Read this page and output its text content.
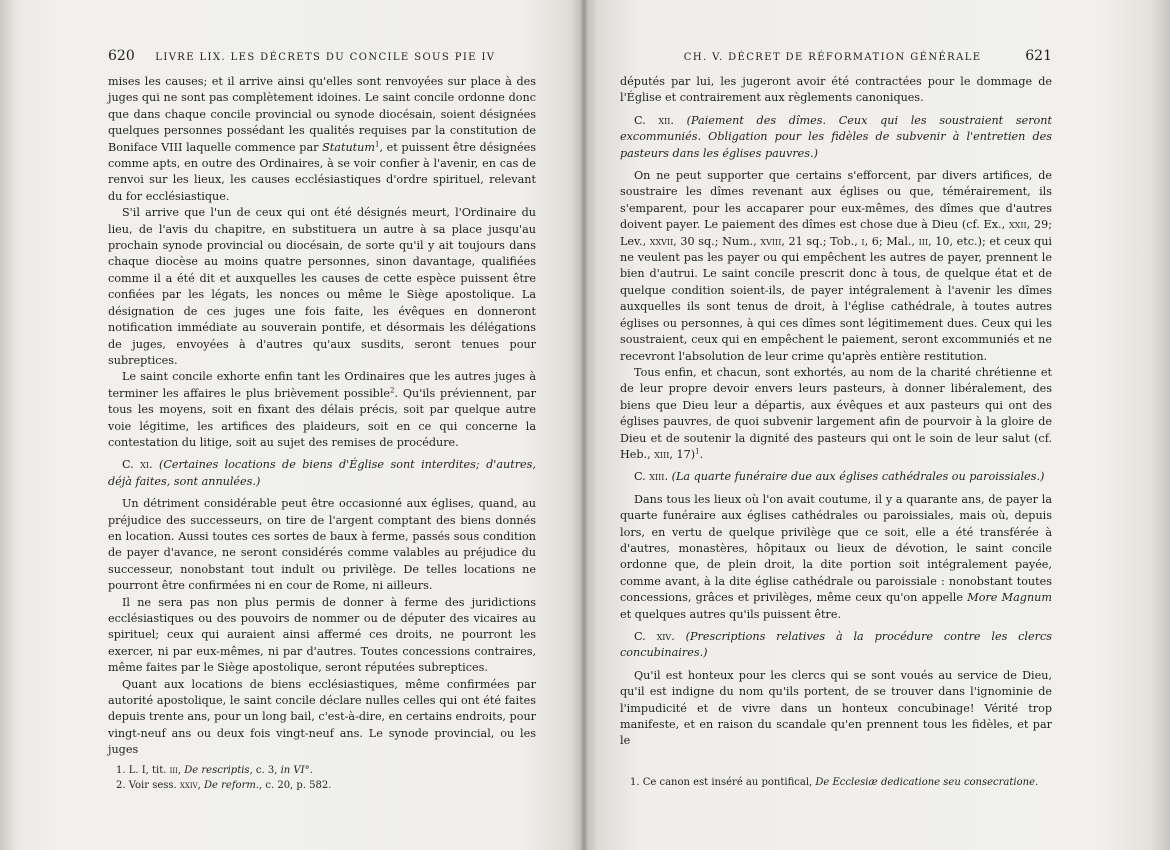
620 LIVRE LIX. LES DÉCRETS DU CONCILE SOUS PIE IV

mises les causes; et il arrive ainsi qu'elles sont renvoyées sur place à des juges qui ne sont pas complètement idoines. Le saint concile ordonne donc que dans chaque concile provincial ou synode diocésain, soient désignées quelques personnes possédant les qualités requises par la constitution de Boniface VIII laquelle commence par Statutum$^1$, et puissent être désignées comme apts, en outre des Ordinaires, à se voir confier à l'avenir, en cas de renvoi sur les lieux, les causes ecclésiastiques d'ordre spirituel, relevant du for ecclésiastique.

S'il arrive que l'un de ceux qui ont été désignés meurt, l'Ordinaire du lieu, de l'avis du chapitre, en substituera un autre à sa place jusqu'au prochain synode provincial ou diocésain, de sorte qu'il y ait toujours dans chaque diocèse au moins quatre personnes, sinon davantage, qualifiées comme il a été dit et auxquelles les causes de cette espèce puissent être confiées par les légats, les nonces ou même le Siège apostolique. La désignation de ces juges une fois faite, les évêques en donneront notification immédiate au souverain pontife, et désormais les délégations de juges, envoyées à d'autres qu'aux susdits, seront tenues pour subreptices.

Le saint concile exhorte enfin tant les Ordinaires que les autres juges à terminer les affaires le plus brièvement possible$^2$. Qu'ils préviennent, par tous les moyens, soit en fixant des délais précis, soit par quelque autre voie légitime, les artifices des plaideurs, soit en ce qui concerne la contestation du litige, soit au sujet des remises de procédure.

C. xi. (Certaines locations de biens d'Église sont interdites; d'autres, déjà faites, sont annulées.)

Un détriment considérable peut être occasionné aux églises, quand, au préjudice des successeurs, on tire de l'argent comptant des biens donnés en location. Aussi toutes ces sortes de baux à ferme, passés sous condition de payer d'avance, ne seront considérés comme valables au préjudice du successeur, nonobstant tout indult ou privilège. De telles locations ne pourront être confirmées ni en cour de Rome, ni ailleurs.

Il ne sera pas non plus permis de donner à ferme des juridictions ecclésiastiques ou des pouvoirs de nommer ou de députer des vicaires au spirituel; ceux qui auraient ainsi affermé ces droits, ne pourront les exercer, ni par eux-mêmes, ni par d'autres. Toutes concessions contraires, même faites par le Siège apostolique, seront réputées subreptices.

Quant aux locations de biens ecclésiastiques, même confirmées par autorité apostolique, le saint concile déclare nulles celles qui ont été faites depuis trente ans, pour un long bail, c'est-à-dire, en certains endroits, pour vingt-neuf ans ou deux fois vingt-neuf ans. Le synode provincial, ou les juges

1. L. I, tit. iii, De rescriptis, c. 3, in VI°.
2. Voir sess. xxiv, De reform., c. 20, p. 582.
CH. V. DÉCRET DE RÉFORMATION GÉNÉRALE	621

députés par lui, les jugeront avoir été contractées pour le dommage de l'Église et contrairement aux règlements canoniques.

C. xii. (Paiement des dîmes. Ceux qui les soustraient seront excommuniés. Obligation pour les fidèles de subvenir à l'entretien des pasteurs dans les églises pauvres.)

On ne peut supporter que certains s'efforcent, par divers artifices, de soustraire les dîmes revenant aux églises ou que, témérairement, ils s'emparent, pour les accaparer pour eux-mêmes, des dîmes que d'autres doivent payer. Le paiement des dîmes est chose due à Dieu (cf. Ex., xxii, 29; Lev., xxvii, 30 sq.; Num., xviii, 21 sq.; Tob., i, 6; Mal., iii, 10, etc.); et ceux qui ne veulent pas les payer ou qui empêchent les autres de payer, prennent le bien d'autrui. Le saint concile prescrit donc à tous, de quelque état et de quelque condition soient-ils, de payer intégralement à l'avenir les dîmes auxquelles ils sont tenus de droit, à l'église cathédrale, à toutes autres églises ou personnes, à qui ces dîmes sont légitimement dues. Ceux qui les soustraient, ceux qui en empêchent le paiement, seront excommuniés et ne recevront l'absolution de leur crime qu'après entière restitution.

Tous enfin, et chacun, sont exhortés, au nom de la charité chrétienne et de leur propre devoir envers leurs pasteurs, à donner libéralement, des biens que Dieu leur a départis, aux évêques et aux pasteurs qui ont des églises pauvres, de quoi subvenir largement afin de pourvoir à la gloire de Dieu et de soutenir la dignité des pasteurs qui ont le soin de leur salut (cf. Heb., xiii, 17)$^1$.

C. xiii. (La quarte funéraire due aux églises cathédrales ou paroissiales.)

Dans tous les lieux où l'on avait coutume, il y a quarante ans, de payer la quarte funéraire aux églises cathédrales ou paroissiales, mais où, depuis lors, en vertu de quelque privilège que ce soit, elle a été transférée à d'autres, monastères, hôpitaux ou lieux de dévotion, le saint concile ordonne que, de plein droit, la dite portion soit intégralement payée, comme avant, à la dite église cathédrale ou paroissiale : nonobstant toutes concessions, grâces et privilèges, même ceux qu'on appelle More Magnum et quelques autres qu'ils puissent être.

C. xiv. (Prescriptions relatives à la procédure contre les clercs concubinaires.)

Qu'il est honteux pour les clercs qui se sont voués au service de Dieu, qu'il est indigne du nom qu'ils portent, de se trouver dans l'ignominie de l'impudicité et de vivre dans un honteux concubinage! Vérité trop manifeste, et en raison du scandale qu'en prennent tous les fidèles, et par le

1. Ce canon est inséré au pontifical, De Ecclesiæ dedicatione seu consecratione.
